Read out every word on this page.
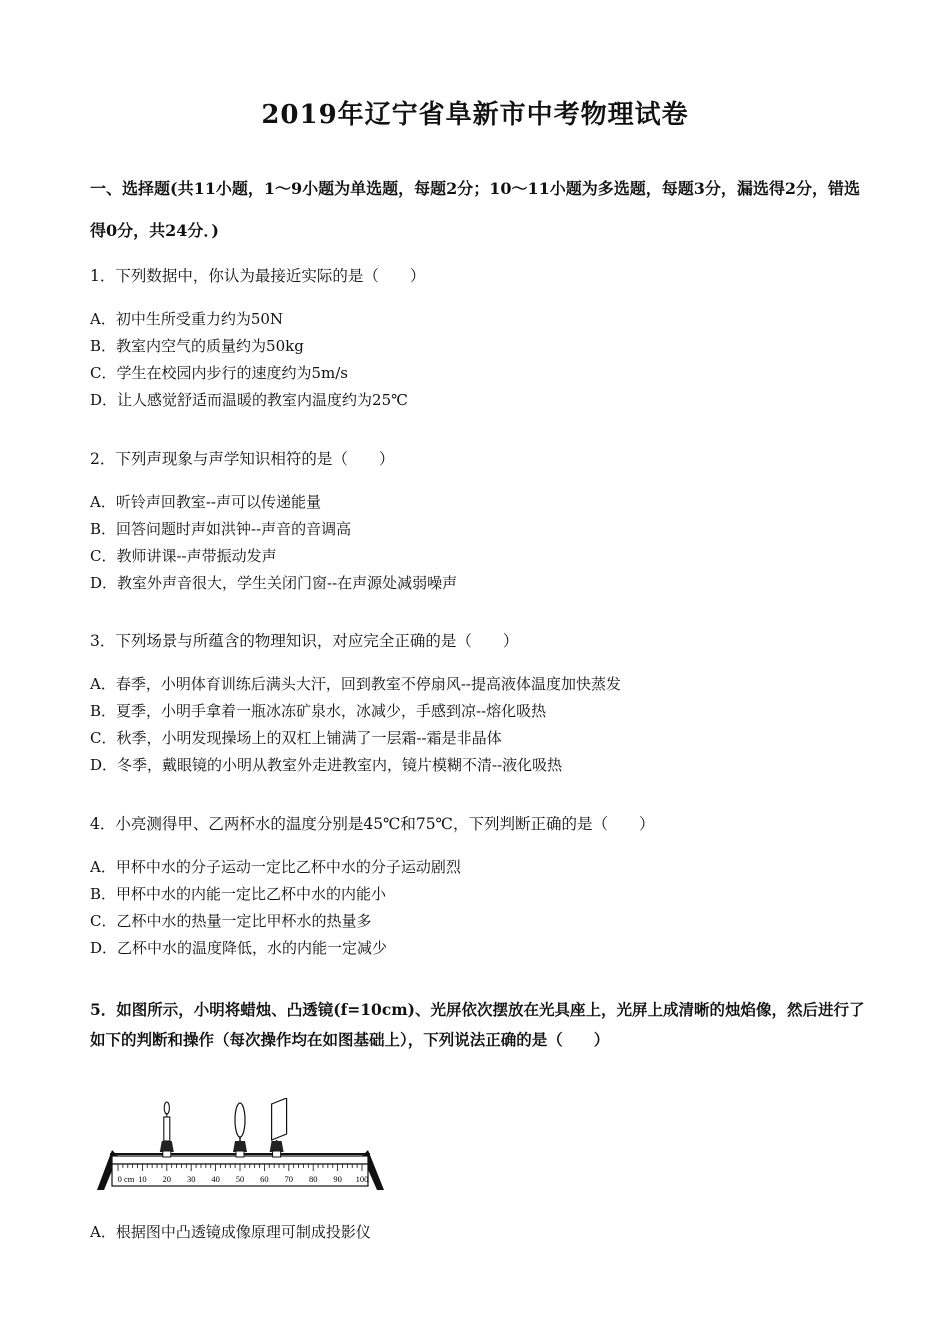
2019年辽宁省阜新市中考物理试卷
一、选择题(共11小题，1～9小题为单选题，每题2分；10～11小题为多选题，每题3分，漏选得2分，错选得0分，共24分．)
1．下列数据中，你认为最接近实际的是（　　）
A．初中生所受重力约为50N
B．教室内空气的质量约为50kg
C．学生在校园内步行的速度约为5m/s
D．让人感觉舒适而温暖的教室内温度约为25℃
2．下列声现象与声学知识相符的是（　　）
A．听铃声回教室--声可以传递能量
B．回答问题时声如洪钟--声音的音调高
C．教师讲课--声带振动发声
D．教室外声音很大，学生关闭门窗--在声源处减弱噪声
3．下列场景与所蕴含的物理知识，对应完全正确的是（　　）
A．春季，小明体育训练后满头大汗，回到教室不停扇风--提高液体温度加快蒸发
B．夏季，小明手拿着一瓶冰冻矿泉水，冰减少，手感到凉--熔化吸热
C．秋季，小明发现操场上的双杠上铺满了一层霜--霜是非晶体
D．冬季，戴眼镜的小明从教室外走进教室内，镜片模糊不清--液化吸热
4．小亮测得甲、乙两杯水的温度分别是45℃和75℃，下列判断正确的是（　　）
A．甲杯中水的分子运动一定比乙杯中水的分子运动剧烈
B．甲杯中水的内能一定比乙杯中水的内能小
C．乙杯中水的热量一定比甲杯水的热量多
D．乙杯中水的温度降低，水的内能一定减少
5．如图所示，小明将蜡烛、凸透镜(f=10cm)、光屏依次摆放在光具座上，光屏上成清晰的烛焰像，然后进行了如下的判断和操作（每次操作均在如图基础上），下列说法正确的是（　　）
0 cm 10 20 30 40 50 60 70 80 90 100
A．根据图中凸透镜成像原理可制成投影仪
